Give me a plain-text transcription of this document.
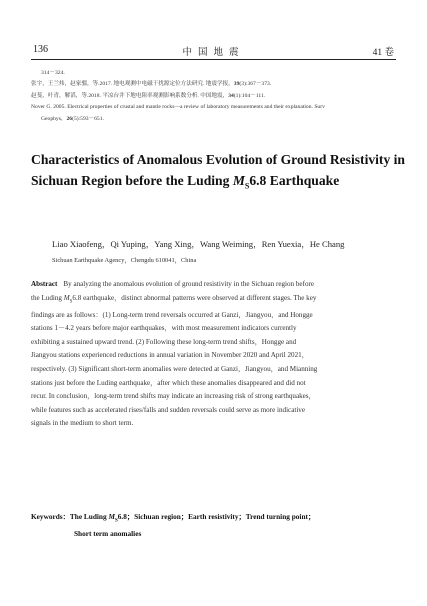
136	中国地震	41 卷

314－324.

张宇，王兰炜，赵家骝，等.2017. 地电观测中电磁干扰源定位方法研究. 地震学报，39(3):367－373.

赵斐，叶青，解滔，等.2018. 平凉台井下地电阻率观测影响系数分析. 中国地震，34(1):104－111.

Nover G. 2005. Electrical properties of crustal and mantle rocks—a review of laboratory measurements and their explanation. Surv

Geophys，26(5):593－651.

Characteristics of Anomalous Evolution of Ground Resistivity in
Sichuan Region before the Luding $M_S6.8$ Earthquake
Liao Xiaofeng，Qi Yuping，Yang Xing，Wang Weiming，Ren Yuexia，He Chang
Sichuan Earthquake Agency，Chengdu 610041，China
Abstract By analyzing the anomalous evolution of ground resistivity in the Sichuan region before
the Luding $M_S6.8$ earthquake，distinct abnormal patterns were observed at different stages. The key
findings are as follows：(1) Long-term trend reversals occurred at Ganzi，Jiangyou，and Hongge
stations 1－4.2 years before major earthquakes，with most measurement indicators currently
exhibiting a sustained upward trend. (2) Following these long-term trend shifts，Hongge and
Jiangyou stations experienced reductions in annual variation in November 2020 and April 2021，
respectively. (3) Significant short-term anomalies were detected at Ganzi，Jiangyou，and Mianning
stations just before the Luding earthquake，after which these anomalies disappeared and did not
recur. In conclusion，long-term trend shifts may indicate an increasing risk of strong earthquakes，
while features such as accelerated rises/falls and sudden reversals could serve as more indicative
signals in the medium to short term.
Keywords：The Luding $M_S6.8$；Sichuan region；Earth resistivity；Trend turning point；
Short term anomalies
